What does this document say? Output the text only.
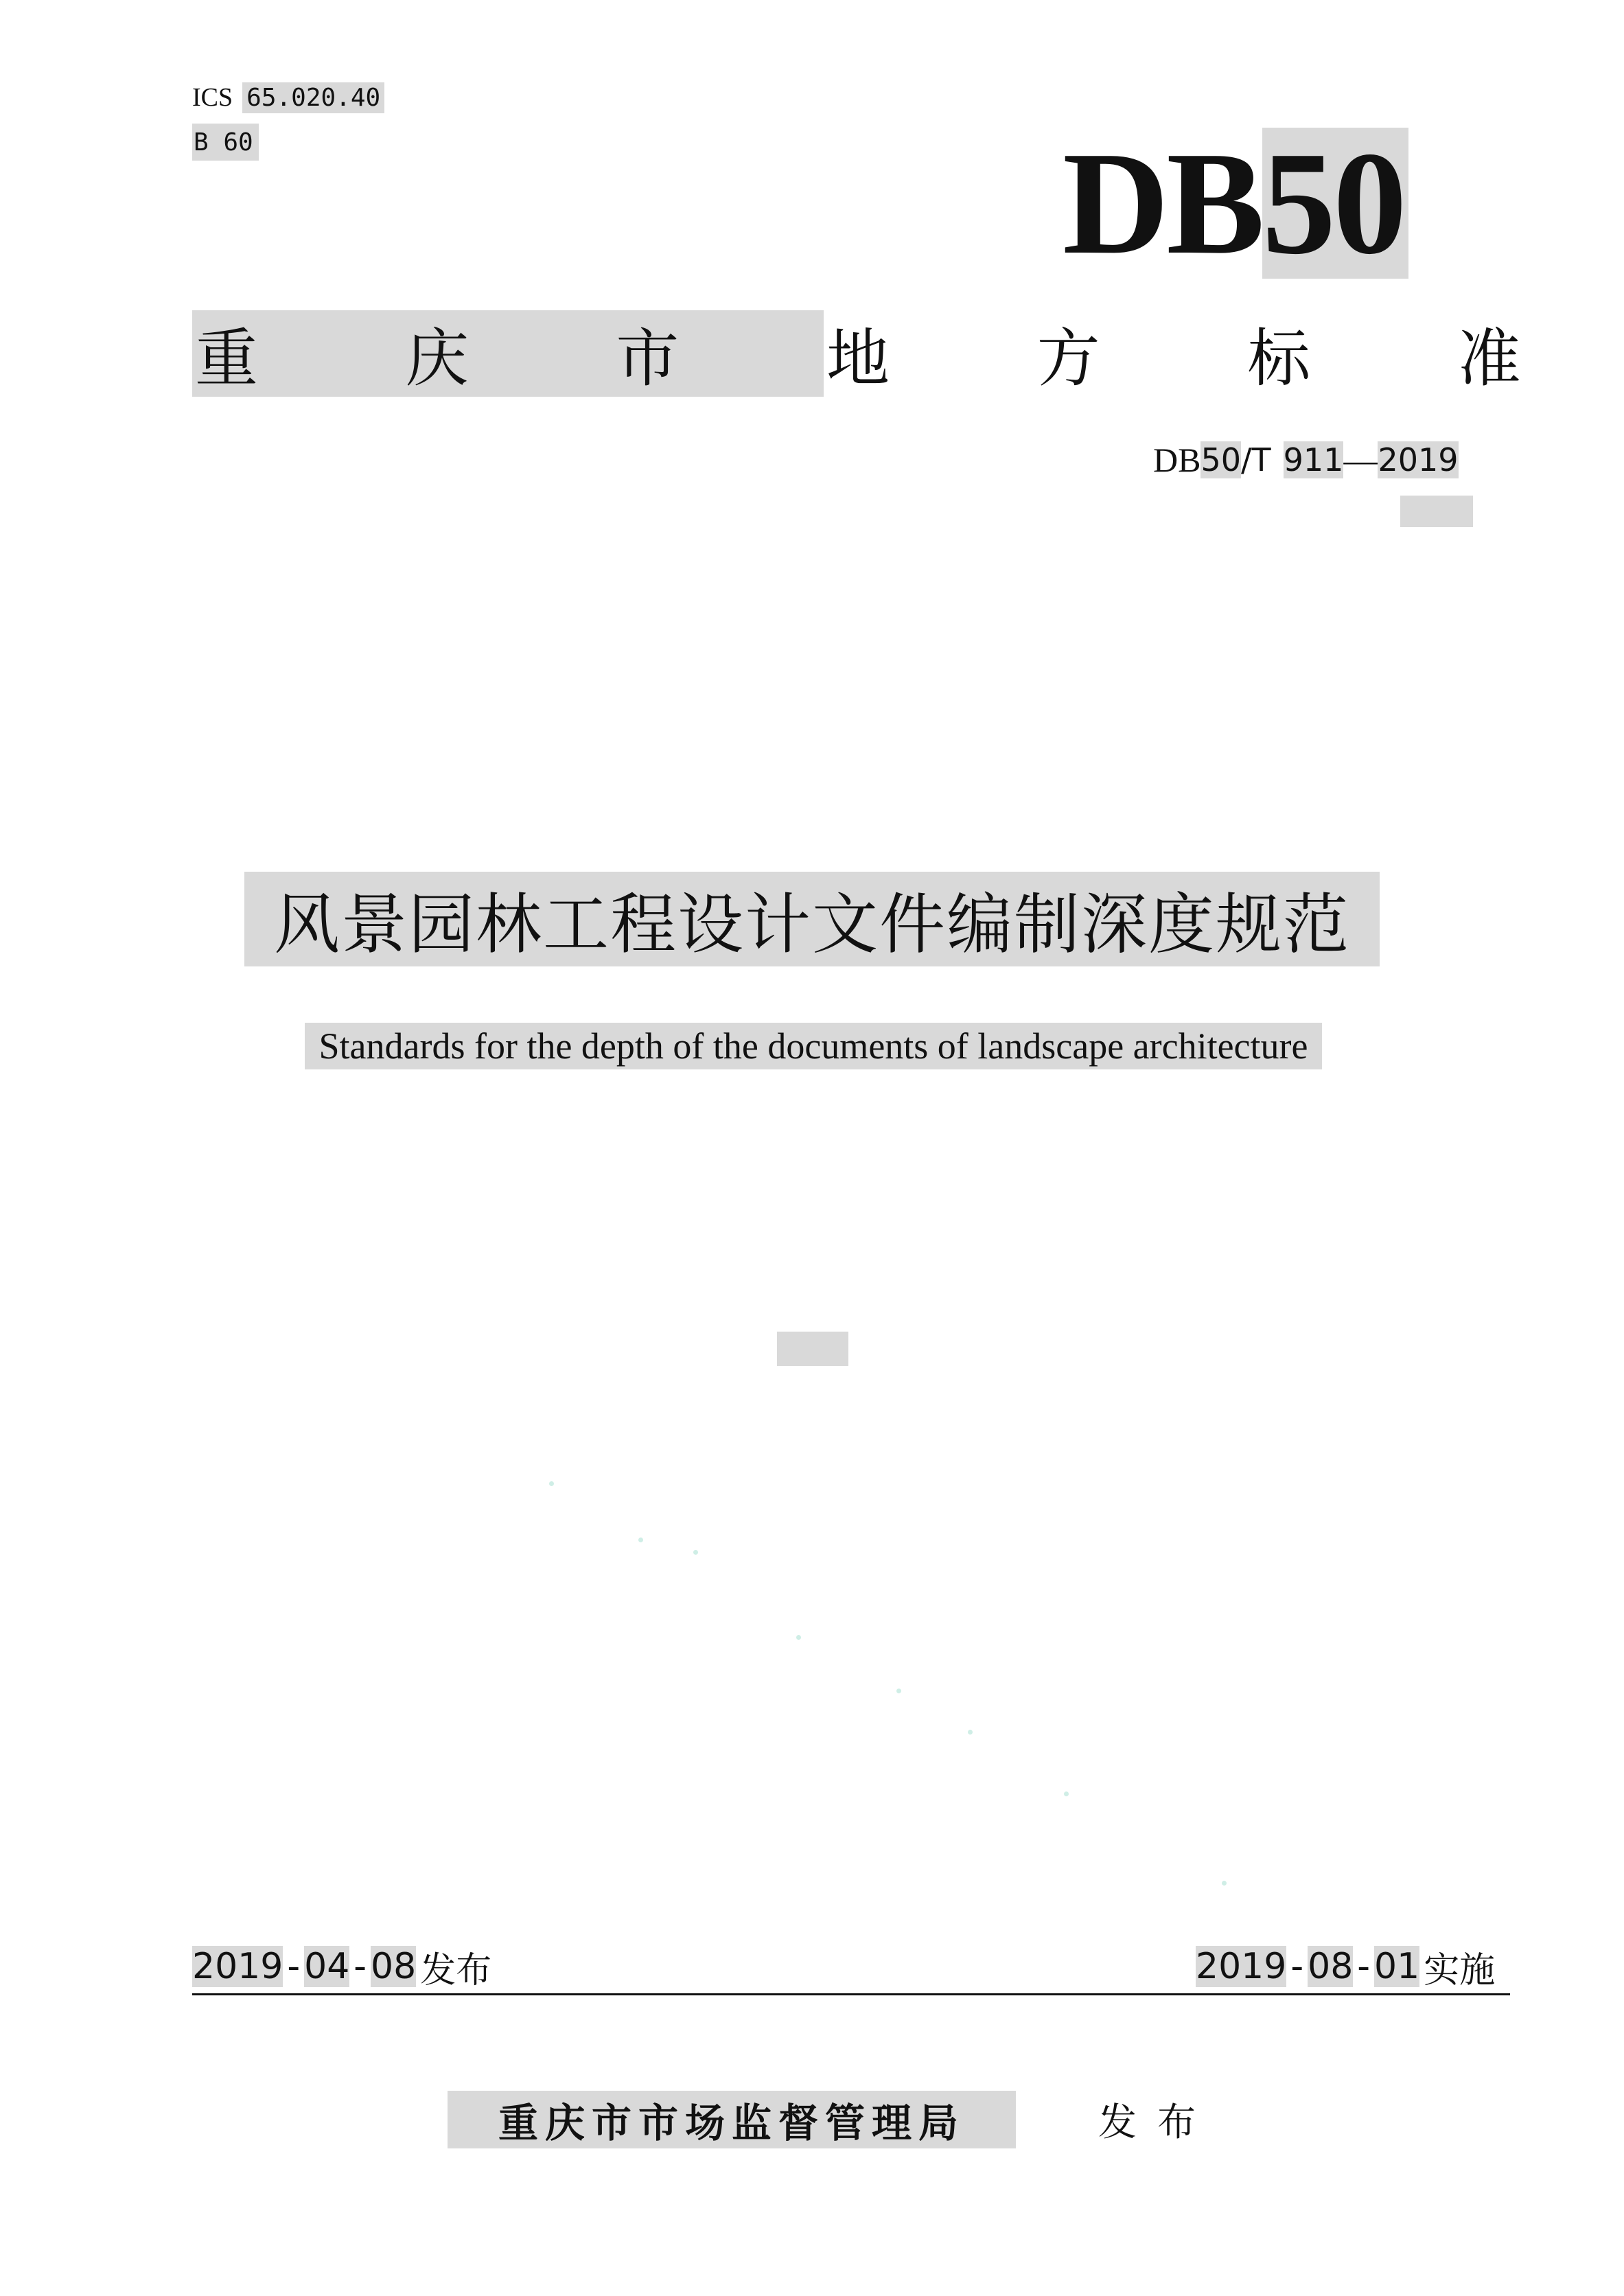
ICS 65.020.40
B 60	DB 50
重 庆 市 地 方 标 准
DB 50 /T 911 — 2019
风景园林工程设计文件编制深度规范
Standards for the depth of the documents of landscape architecture
2019 - 04 - 08 发布	2019 - 08 - 01 实施
重庆市市场监督管理局	发布
